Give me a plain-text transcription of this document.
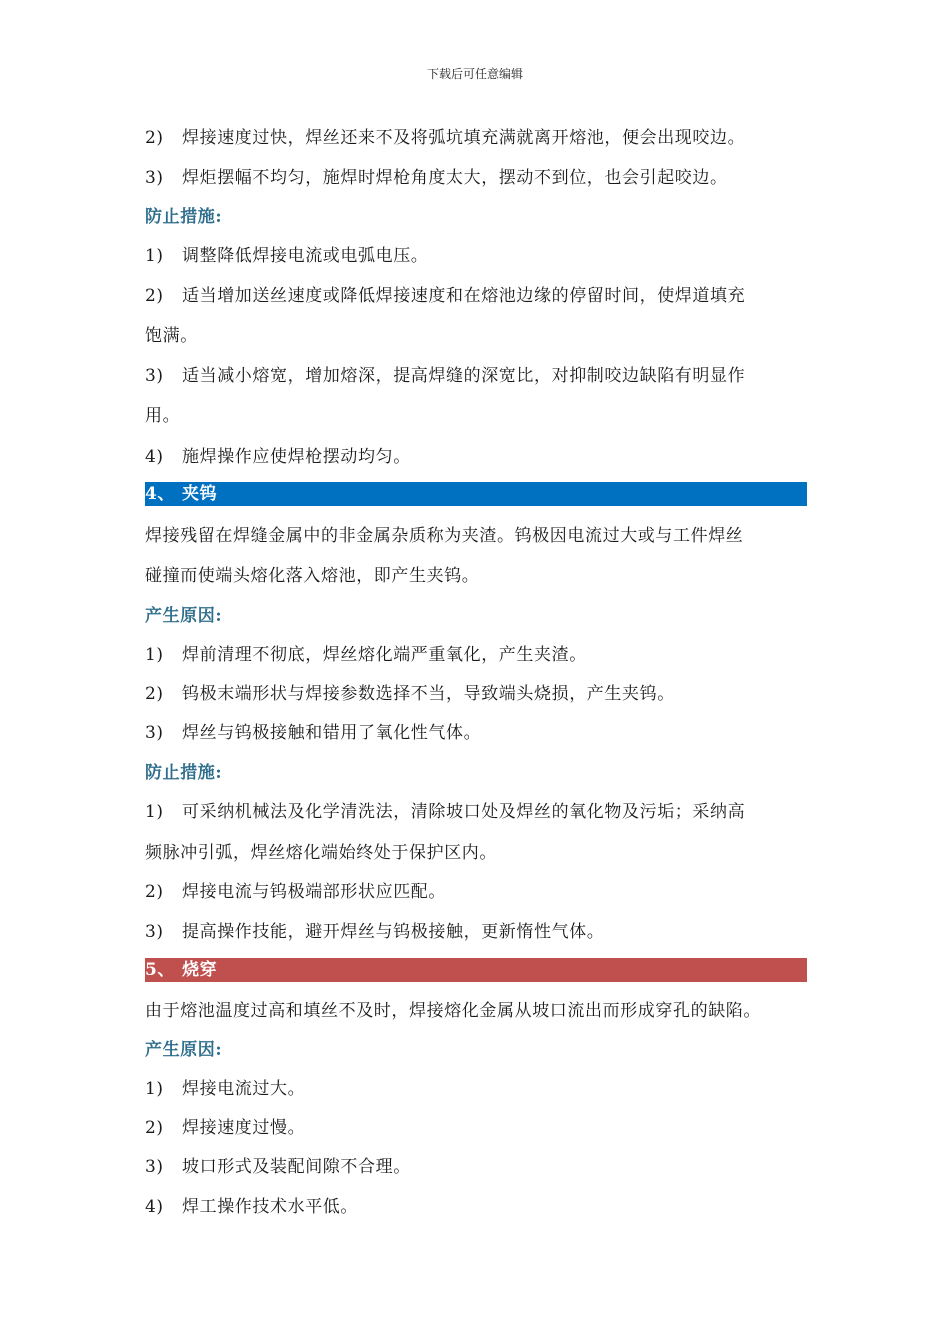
下载后可任意编辑
2) 焊接速度过快，焊丝还来不及将弧坑填充满就离开熔池，便会出现咬边。
3) 焊炬摆幅不均匀，施焊时焊枪角度太大，摆动不到位，也会引起咬边。
防止措施:
1) 调整降低焊接电流或电弧电压。
2) 适当增加送丝速度或降低焊接速度和在熔池边缘的停留时间，使焊道填充
饱满。
3) 适当减小熔宽，增加熔深，提高焊缝的深宽比，对抑制咬边缺陷有明显作
用。
4) 施焊操作应使焊枪摆动均匀。
4、 夹钨
焊接残留在焊缝金属中的非金属杂质称为夹渣。钨极因电流过大或与工件焊丝
碰撞而使端头熔化落入熔池，即产生夹钨。
产生原因:
1) 焊前清理不彻底，焊丝熔化端严重氧化，产生夹渣。
2) 钨极末端形状与焊接参数选择不当，导致端头烧损，产生夹钨。
3) 焊丝与钨极接触和错用了氧化性气体。
防止措施:
1) 可采纳机械法及化学清洗法，清除坡口处及焊丝的氧化物及污垢；采纳高
频脉冲引弧，焊丝熔化端始终处于保护区内。
2) 焊接电流与钨极端部形状应匹配。
3) 提高操作技能，避开焊丝与钨极接触，更新惰性气体。
5、 烧穿
由于熔池温度过高和填丝不及时，焊接熔化金属从坡口流出而形成穿孔的缺陷。
产生原因:
1) 焊接电流过大。
2) 焊接速度过慢。
3) 坡口形式及装配间隙不合理。
4) 焊工操作技术水平低。
